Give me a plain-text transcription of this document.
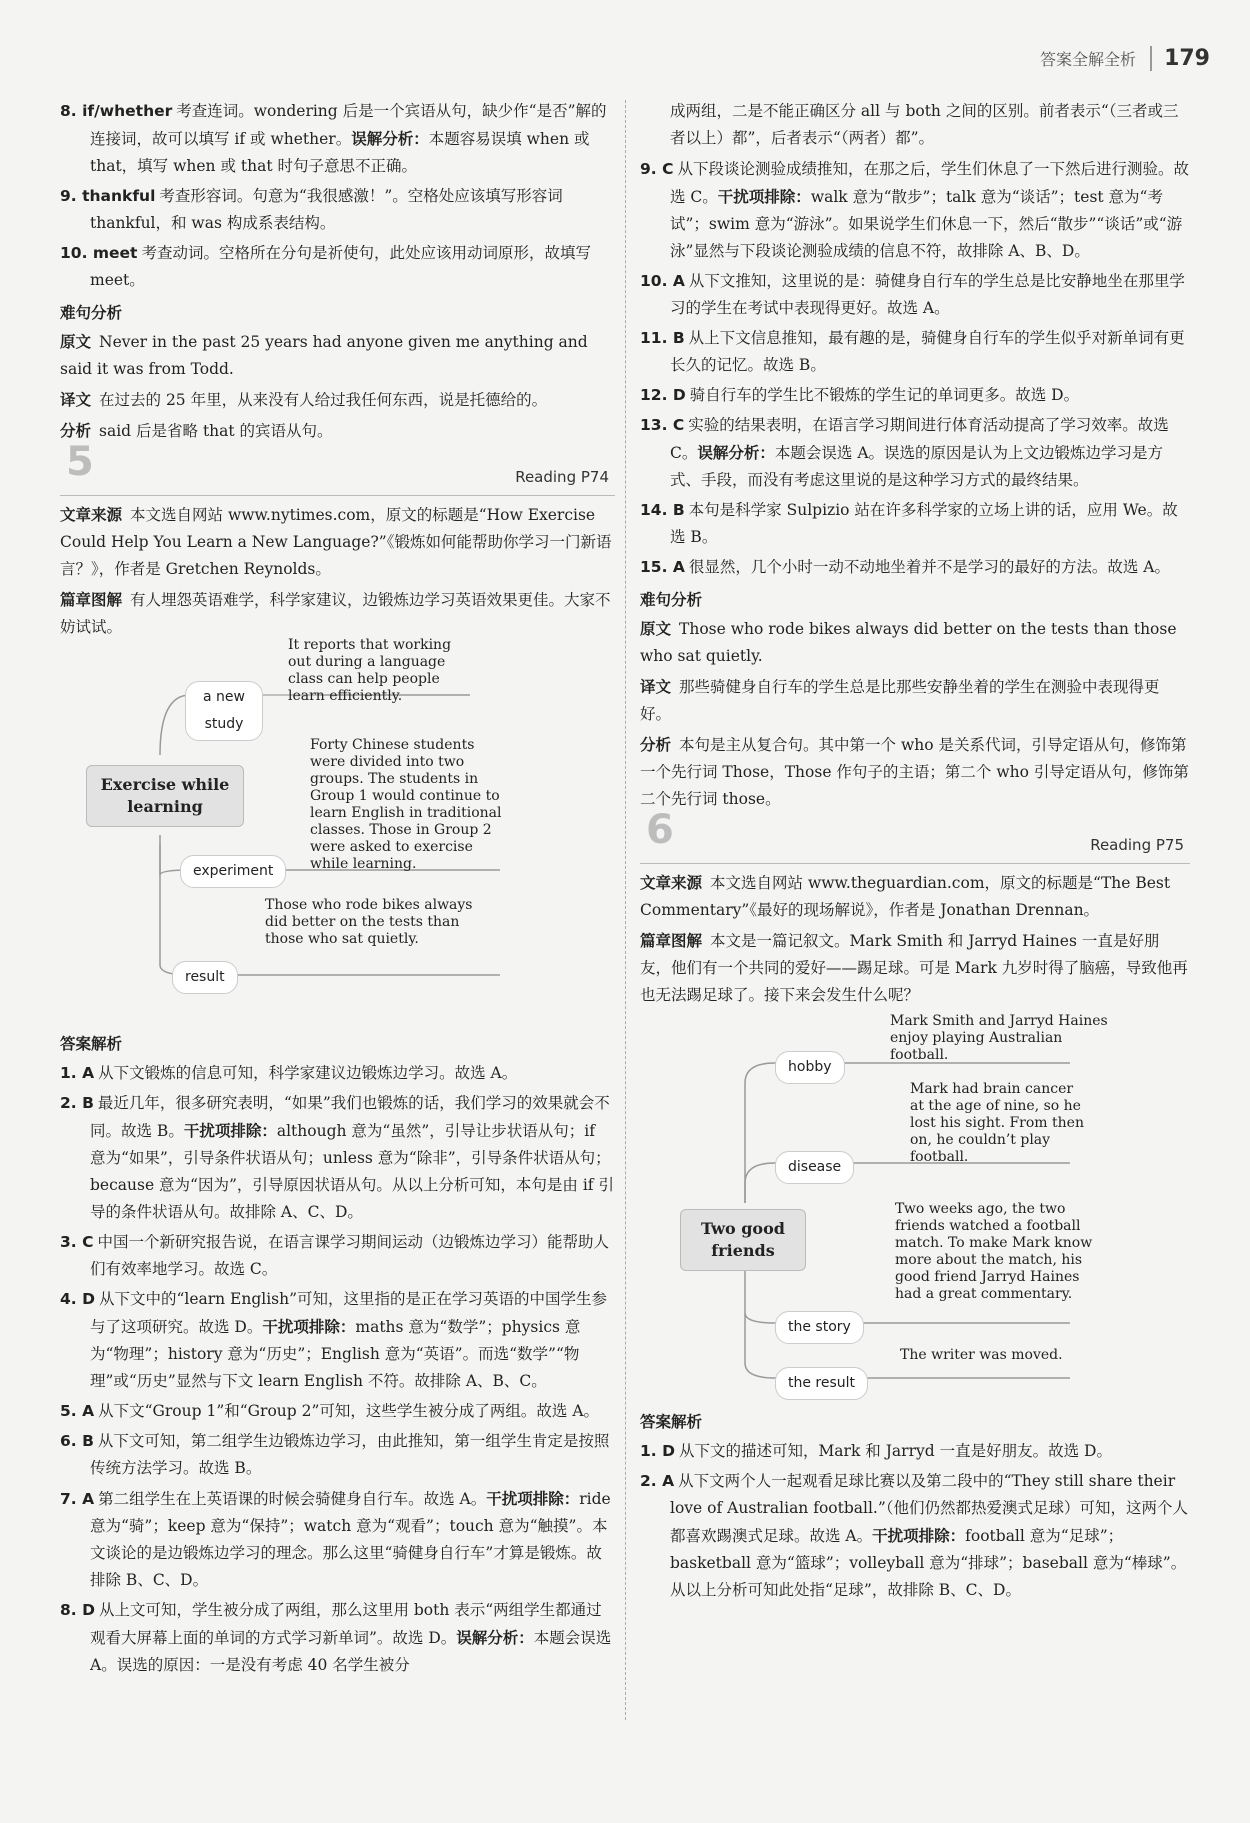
答案全解全析	179
8. if/whether 考查连词。wondering 后是一个宾语从句，缺少作“是否”解的连接词，故可以填写 if 或 whether。误解分析：本题容易误填 when 或 that，填写 when 或 that 时句子意思不正确。
9. thankful 考查形容词。句意为“我很感激！”。空格处应该填写形容词 thankful，和 was 构成系表结构。
10. meet 考查动词。空格所在分句是祈使句，此处应该用动词原形，故填写 meet。
难句分析
原文 Never in the past 25 years had anyone given me anything and said it was from Todd.
译文 在过去的 25 年里，从来没有人给过我任何东西，说是托德给的。
分析 said 后是省略 that 的宾语从句。
5	Reading P74
文章来源 本文选自网站 www.nytimes.com，原文的标题是“How Exercise Could Help You Learn a New Language?”《锻炼如何能帮助你学习一门新语言？》，作者是 Gretchen Reynolds。
篇章图解 有人埋怨英语难学，科学家建议，边锻炼边学习英语效果更佳。大家不妨试试。
a new study
It reports that working out during a language class can help people learn efficiently.
Exercise while learning
experiment
Forty Chinese students were divided into two groups. The students in Group 1 would continue to learn English in traditional classes. Those in Group 2 were asked to exercise while learning.
result
Those who rode bikes always did better on the tests than those who sat quietly.
答案解析
1. A 从下文锻炼的信息可知，科学家建议边锻炼边学习。故选 A。
2. B 最近几年，很多研究表明，“如果”我们也锻炼的话，我们学习的效果就会不同。故选 B。干扰项排除：although 意为“虽然”，引导让步状语从句；if 意为“如果”，引导条件状语从句；unless 意为“除非”，引导条件状语从句；because 意为“因为”，引导原因状语从句。从以上分析可知，本句是由 if 引导的条件状语从句。故排除 A、C、D。
3. C 中国一个新研究报告说，在语言课学习期间运动（边锻炼边学习）能帮助人们有效率地学习。故选 C。
4. D 从下文中的“learn English”可知，这里指的是正在学习英语的中国学生参与了这项研究。故选 D。干扰项排除：maths 意为“数学”；physics 意为“物理”；history 意为“历史”；English 意为“英语”。而选“数学”“物理”或“历史”显然与下文 learn English 不符。故排除 A、B、C。
5. A 从下文“Group 1”和“Group 2”可知，这些学生被分成了两组。故选 A。
6. B 从下文可知，第二组学生边锻炼边学习，由此推知，第一组学生肯定是按照传统方法学习。故选 B。
7. A 第二组学生在上英语课的时候会骑健身自行车。故选 A。干扰项排除：ride 意为“骑”；keep 意为“保持”；watch 意为“观看”；touch 意为“触摸”。本文谈论的是边锻炼边学习的理念。那么这里“骑健身自行车”才算是锻炼。故排除 B、C、D。
8. D 从上文可知，学生被分成了两组，那么这里用 both 表示“两组学生都通过观看大屏幕上面的单词的方式学习新单词”。故选 D。误解分析：本题会误选 A。误选的原因：一是没有考虑 40 名学生被分
成两组，二是不能正确区分 all 与 both 之间的区别。前者表示“（三者或三者以上）都”，后者表示“（两者）都”。
9. C 从下段谈论测验成绩推知，在那之后，学生们休息了一下然后进行测验。故选 C。干扰项排除：walk 意为“散步”；talk 意为“谈话”；test 意为“考试”；swim 意为“游泳”。如果说学生们休息一下，然后“散步”“谈话”或“游泳”显然与下段谈论测验成绩的信息不符，故排除 A、B、D。
10. A 从下文推知，这里说的是：骑健身自行车的学生总是比安静地坐在那里学习的学生在考试中表现得更好。故选 A。
11. B 从上下文信息推知，最有趣的是，骑健身自行车的学生似乎对新单词有更长久的记忆。故选 B。
12. D 骑自行车的学生比不锻炼的学生记的单词更多。故选 D。
13. C 实验的结果表明，在语言学习期间进行体育活动提高了学习效率。故选 C。误解分析：本题会误选 A。误选的原因是认为上文边锻炼边学习是方式、手段，而没有考虑这里说的是这种学习方式的最终结果。
14. B 本句是科学家 Sulpizio 站在许多科学家的立场上讲的话，应用 We。故选 B。
15. A 很显然，几个小时一动不动地坐着并不是学习的最好的方法。故选 A。
难句分析
原文 Those who rode bikes always did better on the tests than those who sat quietly.
译文 那些骑健身自行车的学生总是比那些安静坐着的学生在测验中表现得更好。
分析 本句是主从复合句。其中第一个 who 是关系代词，引导定语从句，修饰第一个先行词 Those，Those 作句子的主语；第二个 who 引导定语从句，修饰第二个先行词 those。
6	Reading P75
文章来源 本文选自网站 www.theguardian.com，原文的标题是“The Best Commentary”《最好的现场解说》，作者是 Jonathan Drennan。
篇章图解 本文是一篇记叙文。Mark Smith 和 Jarryd Haines 一直是好朋友，他们有一个共同的爱好——踢足球。可是 Mark 九岁时得了脑癌，导致他再也无法踢足球了。接下来会发生什么呢？
hobby
Mark Smith and Jarryd Haines enjoy playing Australian football.
disease
Mark had brain cancer at the age of nine, so he lost his sight. From then on, he couldn’t play football.
Two good friends
the story
Two weeks ago, the two friends watched a football match. To make Mark know more about the match, his good friend Jarryd Haines had a great commentary.
the result
The writer was moved.
答案解析
1. D 从下文的描述可知，Mark 和 Jarryd 一直是好朋友。故选 D。
2. A 从下文两个人一起观看足球比赛以及第二段中的“They still share their love of Australian football.”（他们仍然都热爱澳式足球）可知，这两个人都喜欢踢澳式足球。故选 A。干扰项排除：football 意为“足球”；basketball 意为“篮球”；volleyball 意为“排球”；baseball 意为“棒球”。从以上分析可知此处指“足球”，故排除 B、C、D。
